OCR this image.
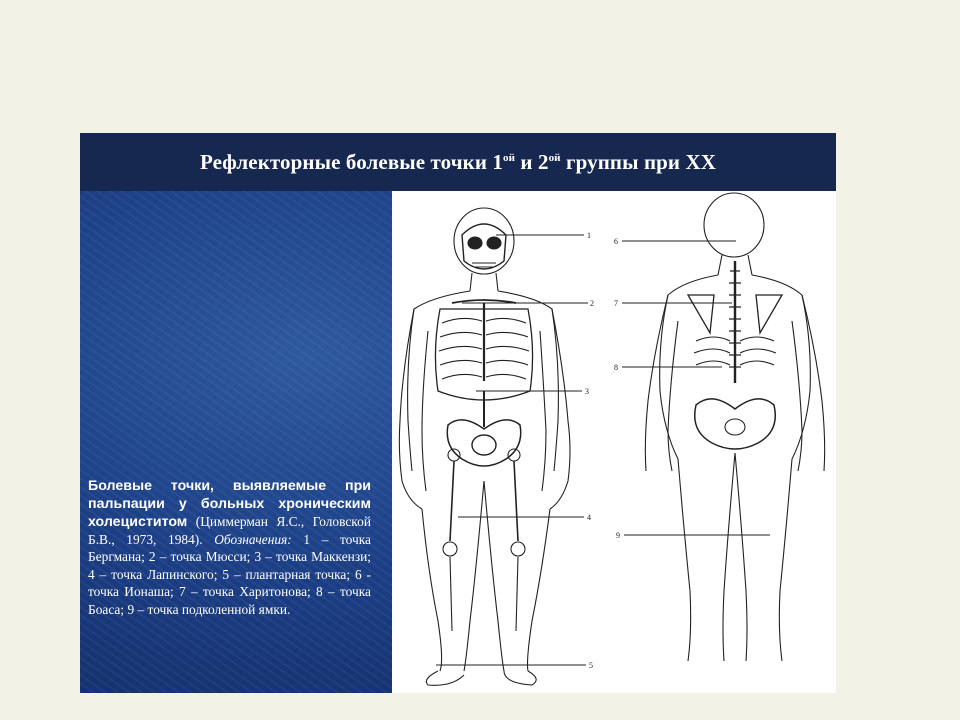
Рефлекторные болевые точки $1^{ой}$ и $2^{ой}$ группы при ХХ
Болевые точки, выявляемые при пальпации у больных хроническим холециститом (Циммерман Я.С., Головской Б.В., 1973, 1984). Обозначения: 1 – точка Бергмана; 2 – точка Мюсси; 3 – точка Маккензи; 4 – точка Лапинского; 5 – плантарная точка; 6 - точка Ионаша; 7 – точка Харитонова; 8 – точка Боаса; 9 – точка подколенной ямки.
1
2
3
4
5
6
7
8
9
